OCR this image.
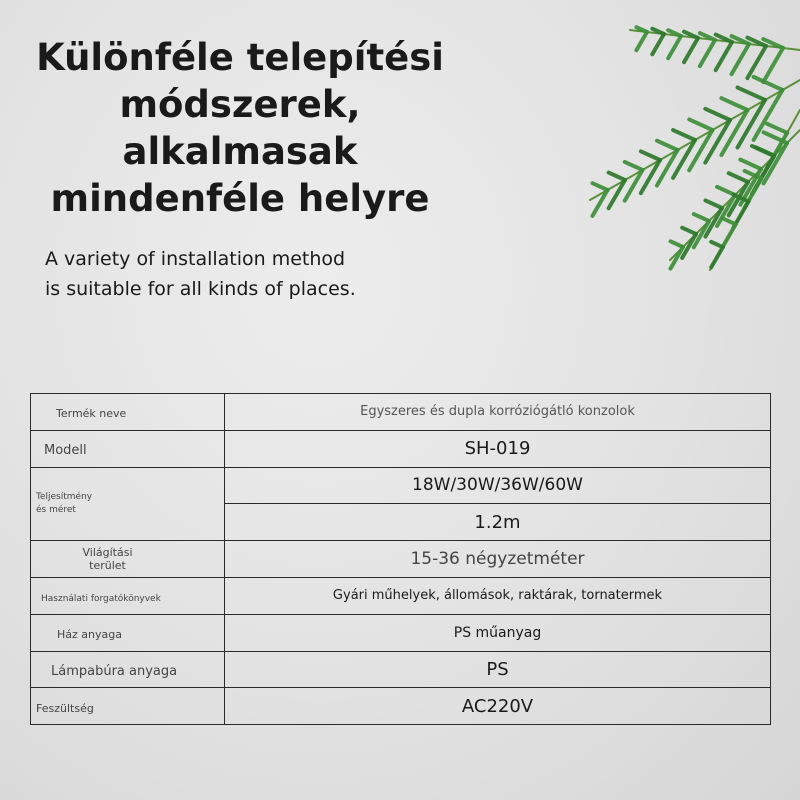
Különféle telepítési
módszerek,
alkalmasak
mindenféle helyre

A variety of installation method
is suitable for all kinds of places.

Termék neve	Egyszeres és dupla korróziógátló konzolok
Modell	SH-019

Teljesítmény
és méret	18W/30W/36W/60W
	1.2m

Világítási
terület	15-36 négyzetméter
Használati forgatókönyvek	Gyári műhelyek, állomások, raktárak, tornatermek
Ház anyaga	PS műanyag
Lámpabúra anyaga	PS
Feszültség	AC220V
